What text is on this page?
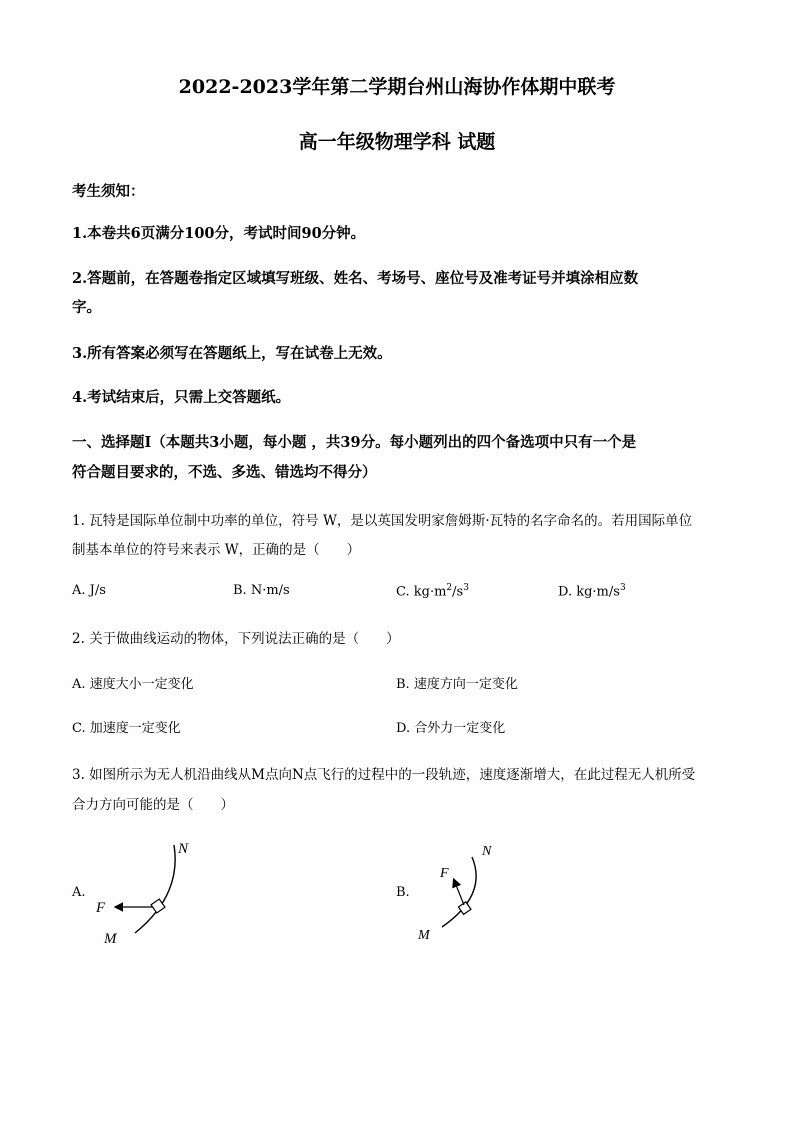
2022-2023学年第二学期台州山海协作体期中联考
高一年级物理学科 试题
考生须知：
1.本卷共6页满分100分，考试时间90分钟。
2.答题前，在答题卷指定区域填写班级、姓名、考场号、座位号及准考证号并填涂相应数
字。
3.所有答案必须写在答题纸上，写在试卷上无效。
4.考试结束后，只需上交答题纸。
一、选择题Ⅰ（本题共3小题，每小题 ，共39分。每小题列出的四个备选项中只有一个是
符合题目要求的，不选、多选、错选均不得分）
1. 瓦特是国际单位制中功率的单位，符号 W，是以英国发明家詹姆斯·瓦特的名字命名的。若用国际单位
制基本单位的符号来表示 W，正确的是（　　）
A. J/s	B. N·m/s	C. $kg\cdot m^2/s^3$	D. $kg\cdot m/s^3$
2. 关于做曲线运动的物体，下列说法正确的是（　　）
A. 速度大小一定变化	B. 速度方向一定变化
C. 加速度一定变化	D. 合外力一定变化
3. 如图所示为无人机沿曲线从M点向N点飞行的过程中的一段轨迹，速度逐渐增大，在此过程无人机所受
合力方向可能的是（　　）
A.
N
F
M
B.
N
F
M
